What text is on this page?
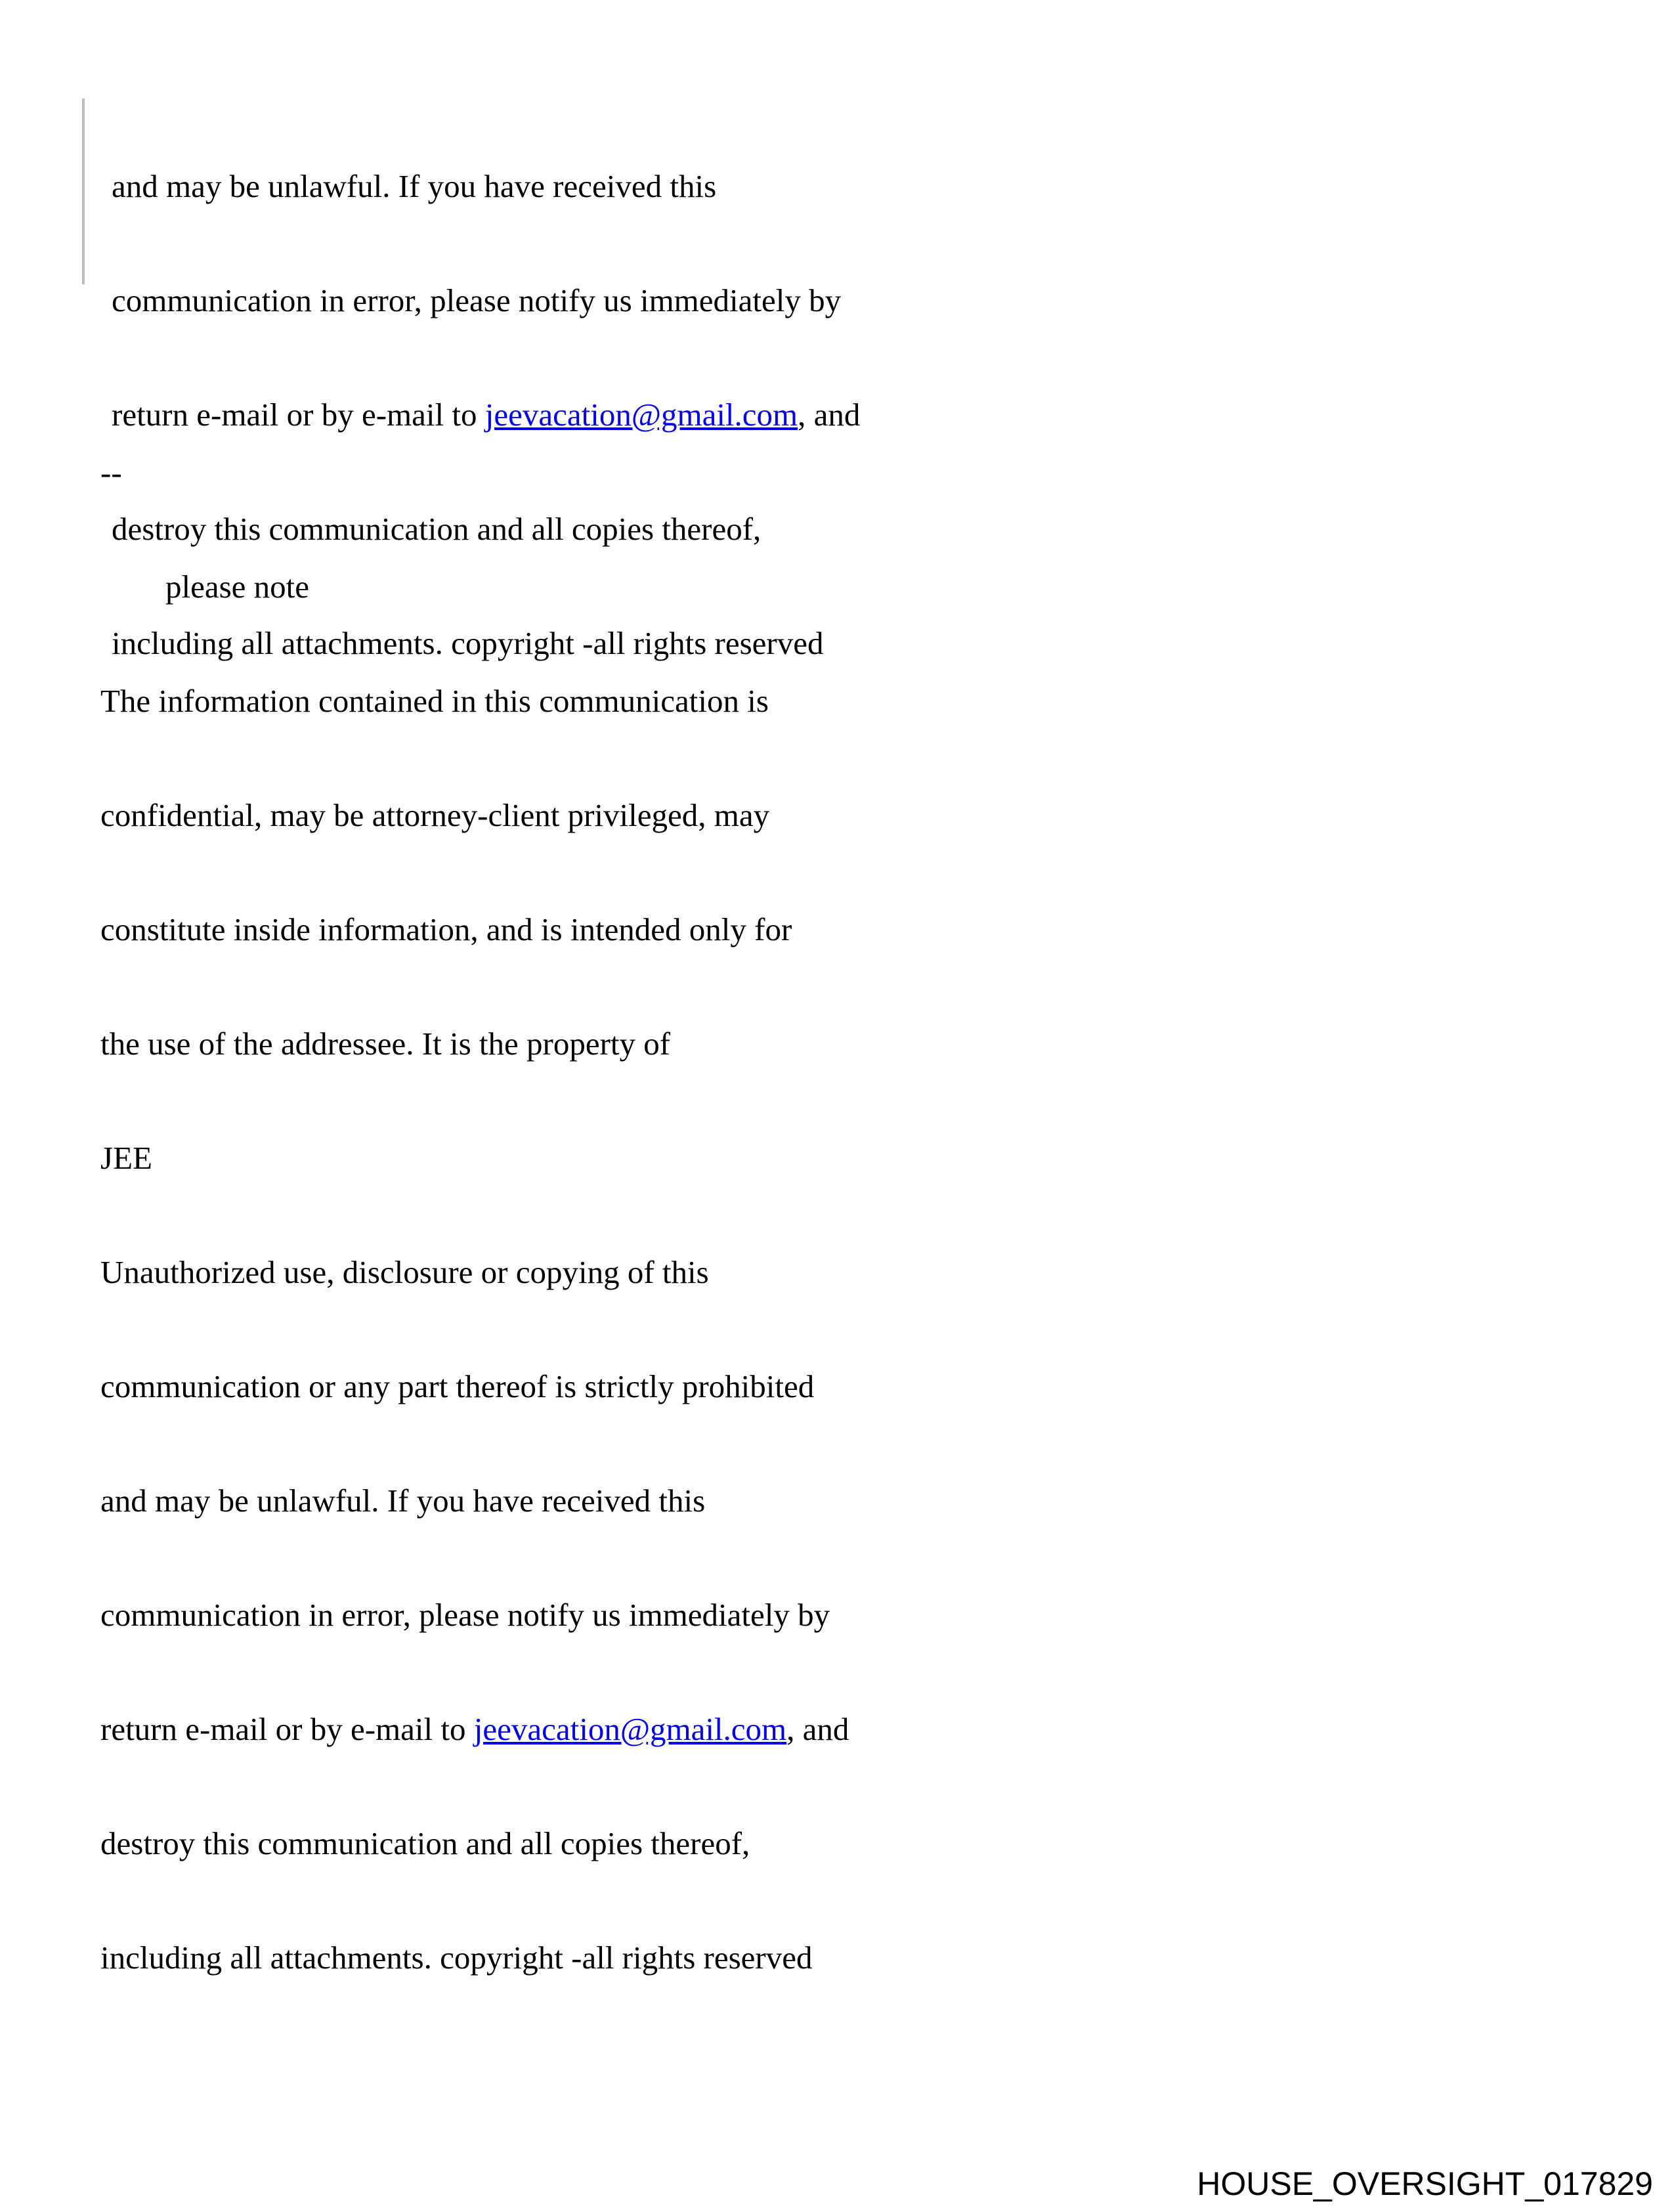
and may be unlawful. If you have received this

communication in error, please notify us immediately by

return e-mail or by e-mail to jeevacation@gmail.com, and

destroy this communication and all copies thereof,

including all attachments. copyright -all rights reserved

--

please note

The information contained in this communication is

confidential, may be attorney-client privileged, may

constitute inside information, and is intended only for

the use of the addressee. It is the property of

JEE

Unauthorized use, disclosure or copying of this

communication or any part thereof is strictly prohibited

and may be unlawful. If you have received this

communication in error, please notify us immediately by

return e-mail or by e-mail to jeevacation@gmail.com, and

destroy this communication and all copies thereof,

including all attachments. copyright -all rights reserved

HOUSE_OVERSIGHT_017829
